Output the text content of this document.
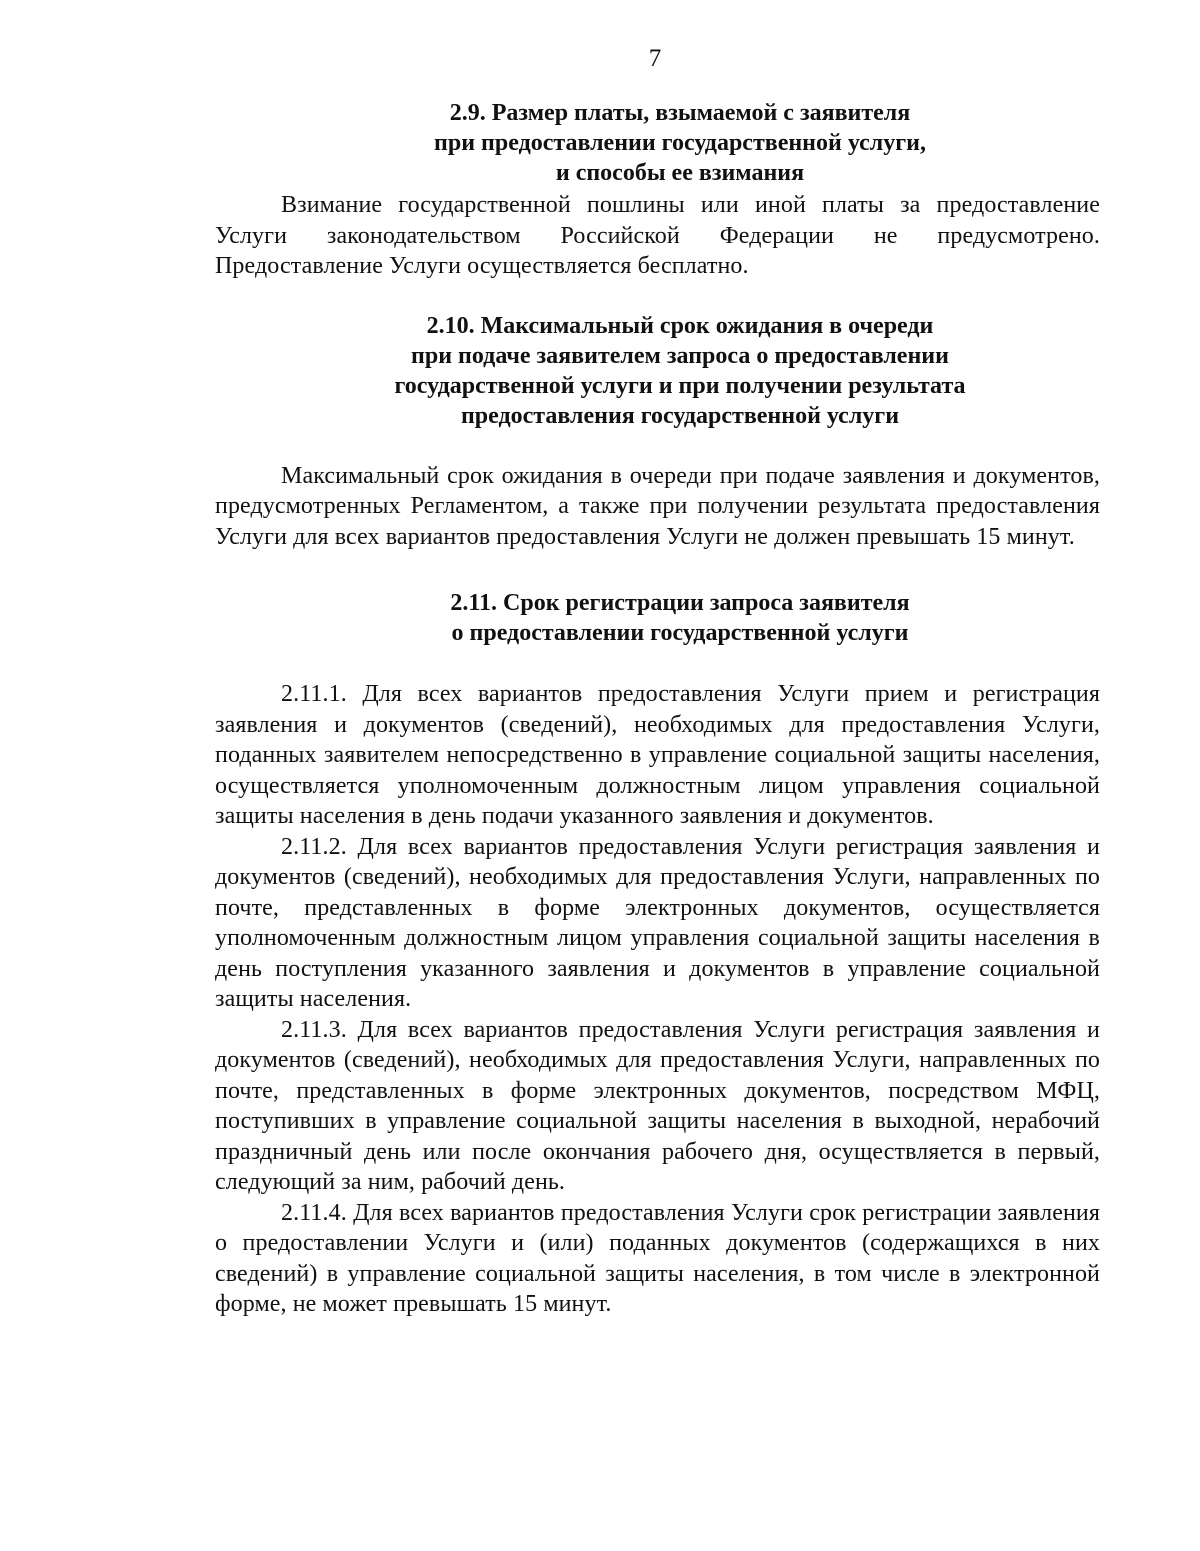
7
2.9. Размер платы, взымаемой с заявителя
при предоставлении государственной услуги,
и способы ее взимания

Взимание государственной пошлины или иной платы за предоставление Услуги законодательством Российской Федерации не предусмотрено. Предоставление Услуги осуществляется бесплатно.

2.10. Максимальный срок ожидания в очереди
при подаче заявителем запроса о предоставлении
государственной услуги и при получении результата
предоставления государственной услуги

Максимальный срок ожидания в очереди при подаче заявления и документов, предусмотренных Регламентом, а также при получении результата предоставления Услуги для всех вариантов предоставления Услуги не должен превышать 15 минут.

2.11. Срок регистрации запроса заявителя
о предоставлении государственной услуги

2.11.1. Для всех вариантов предоставления Услуги прием и регистрация заявления и документов (сведений), необходимых для предоставления Услуги, поданных заявителем непосредственно в управление социальной защиты населения, осуществляется уполномоченным должностным лицом управления социальной защиты населения в день подачи указанного заявления и документов.

2.11.2. Для всех вариантов предоставления Услуги регистрация заявления и документов (сведений), необходимых для предоставления Услуги, направленных по почте, представленных в форме электронных документов, осуществляется уполномоченным должностным лицом управления социальной защиты населения в день поступления указанного заявления и документов в управление социальной защиты населения.

2.11.3. Для всех вариантов предоставления Услуги регистрация заявления и документов (сведений), необходимых для предоставления Услуги, направленных по почте, представленных в форме электронных документов, посредством МФЦ, поступивших в управление социальной защиты населения в выходной, нерабочий праздничный день или после окончания рабочего дня, осуществляется в первый, следующий за ним, рабочий день.

2.11.4. Для всех вариантов предоставления Услуги срок регистрации заявления о предоставлении Услуги и (или) поданных документов (содержащихся в них сведений) в управление социальной защиты населения, в том числе в электронной форме, не может превышать 15 минут.
